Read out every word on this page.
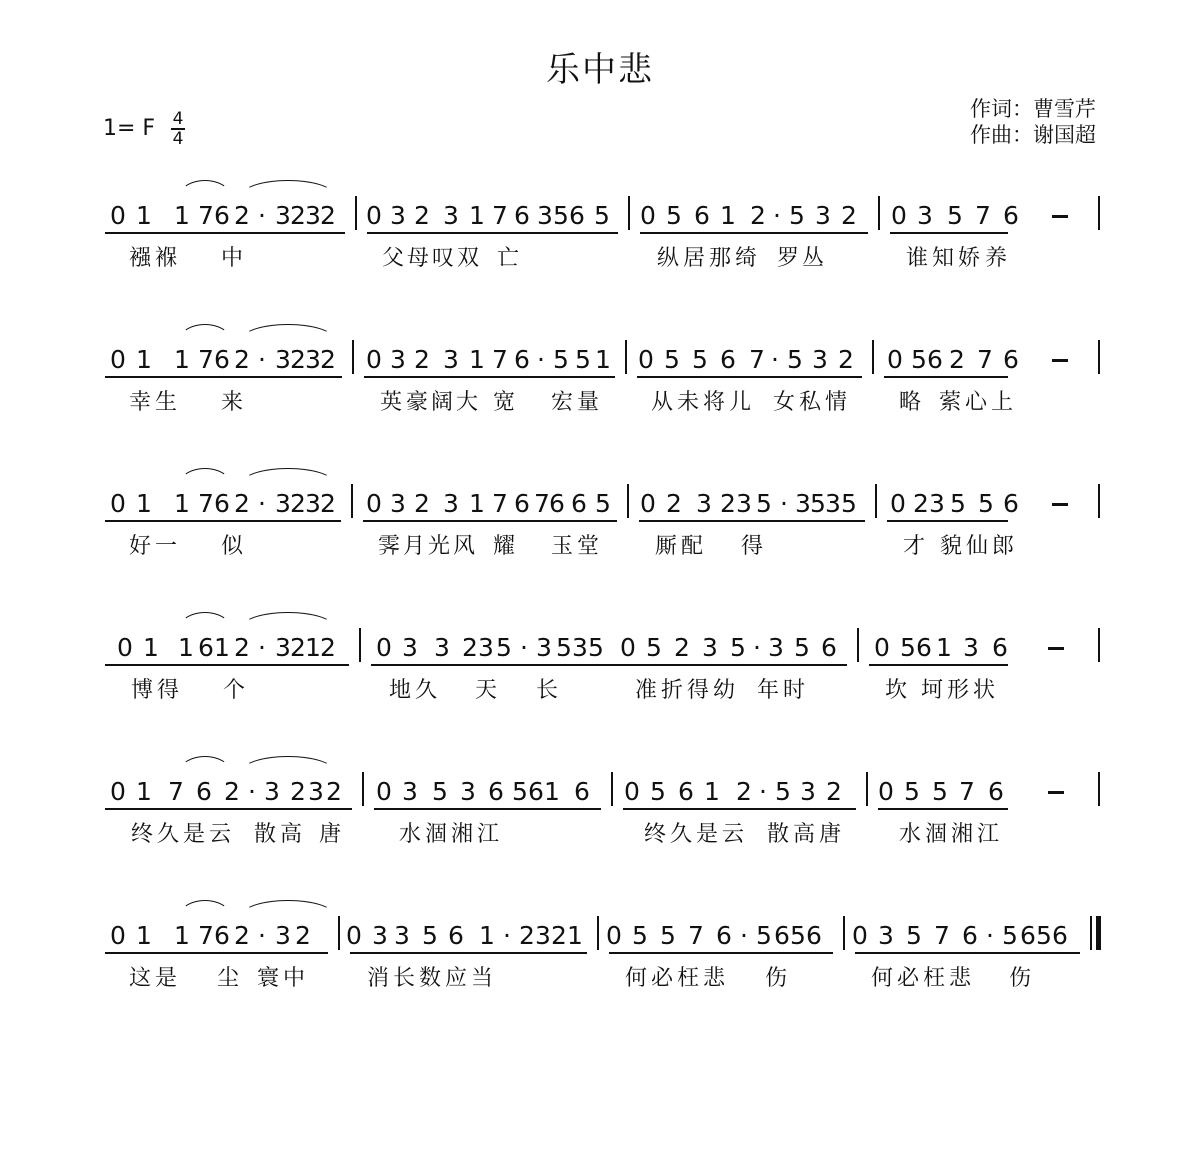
乐中悲
1= F 4
4
作词：曹雪芹
作曲：谢国超
0 1 1 7 6 2 · 3 2 3 2 0 3 2 3 1 7 6 3 5 6 5 0 5 6 1 2 · 5 3 2 0 3 5 7 6
襁 褓 中	父 母 叹 双 亡	纵 居 那 绮 罗 丛	谁 知 娇 养
0 1 1 7 6 2 · 3 2 3 2 0 3 2 3 1 7 6 · 5 5 1 0 5 5 6 7 · 5 3 2 0 5 6 2 7 6
幸 生 来	英 豪 阔 大 宽 宏 量 从 未 将 儿 女 私 情 略 萦 心 上
0 1 1 7 6 2 · 3 2 3 2 0 3 2 3 1 7 6 7 6 6 5 0 2 3 2 3 5 · 3 5 3 5 0 2 3 5 5 6
好 一 似	霁 月 光 风 耀 玉 堂	厮 配 得	才 貌 仙 郎
0 1 1 6 1 2 · 3 2 1 2 0 3 3 2 3 5 · 3 5 3 5 0 5 2 3 5 · 3 5 6 0 5 6 1 3 6
博 得 个	地 久 天 长	准 折 得 幼 年 时	坎 坷 形 状
0 1 7 6 2 · 3 2 3 2 0 3 5 3 6 5 6 1 6 0 5 6 1 2 · 5 3 2 0 5 5 7 6
终 久 是 云 散 高 唐	水 涸 湘 江	终 久 是 云 散 高 唐	水 涸 湘 江
0 1 1 7 6 2 · 3 2 0 3 3 5 6 1 · 2 3 2 1 0 5 5 7 6 · 5 6 5 6 0 3 5 7 6 · 5 6 5 6
这 是 尘 寰 中	消 长 数 应 当	何 必 枉 悲 伤	何 必 枉 悲 伤
